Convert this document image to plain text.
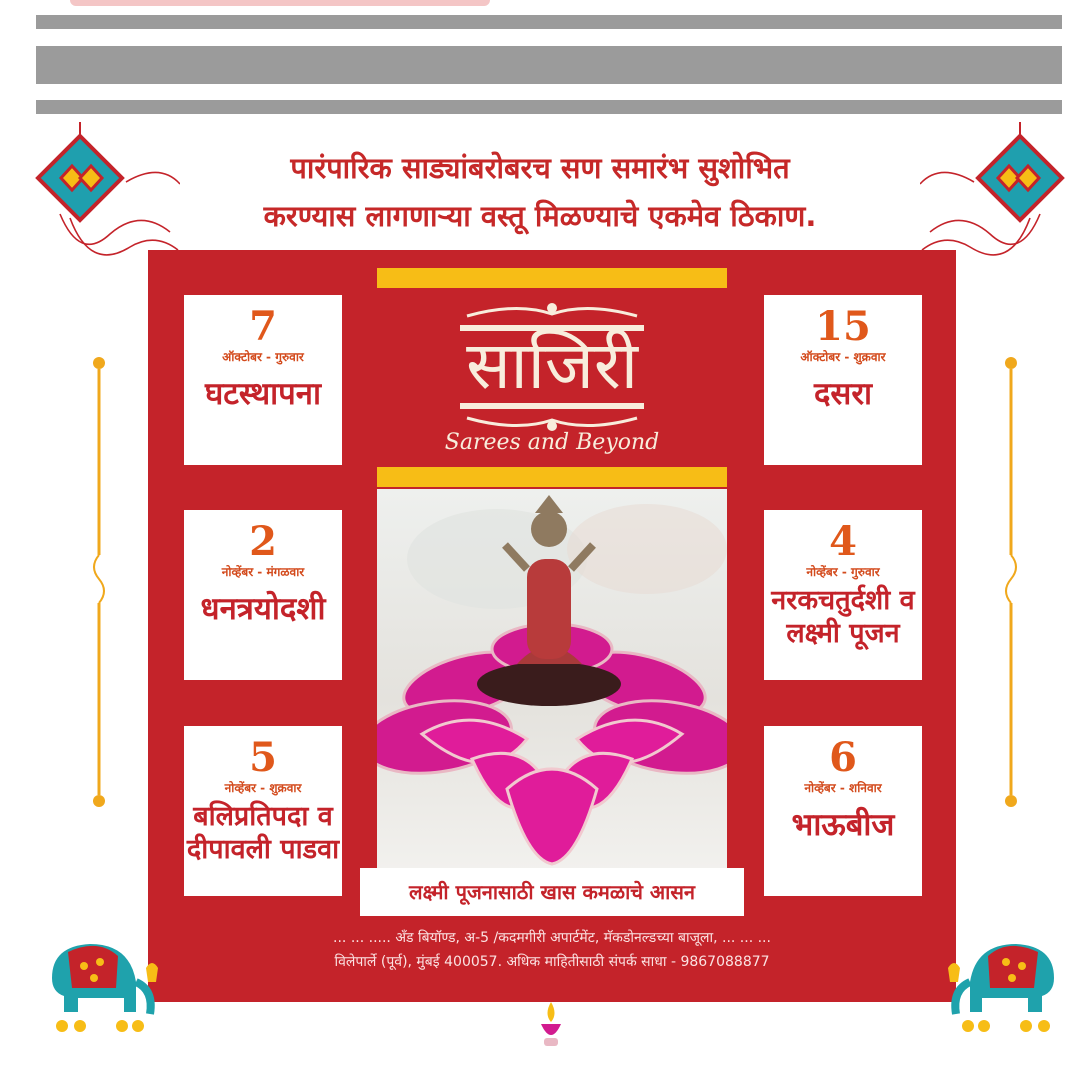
पारंपारिक साड्यांबरोबरच सण समारंभ सुशोभित
करण्यास लागणाऱ्या वस्तू मिळण्याचे एकमेव ठिकाण.
7
ऑक्टोबर - गुरुवार
घटस्थापना
2
नोव्हेंबर - मंगळवार
धनत्रयोदशी
5
नोव्हेंबर - शुक्रवार
बलिप्रतिपदा व
दीपावली पाडवा
15
ऑक्टोबर - शुक्रवार
दसरा
4
नोव्हेंबर - गुरुवार
नरकचतुर्दशी व
लक्ष्मी पूजन
6
नोव्हेंबर - शनिवार
भाऊबीज
साजिरी
Sarees and Beyond
लक्ष्मी पूजनासाठी खास कमळाचे आसन
... ... ..... अँड बियॉण्ड, अ-5 /कदमगीरी अपार्टमेंट, मॅकडोनल्डच्या बाजूला, ... ... ...
विलेपार्ले (पूर्व), मुंबई 400057. अधिक माहितीसाठी संपर्क साधा - 9867088877
